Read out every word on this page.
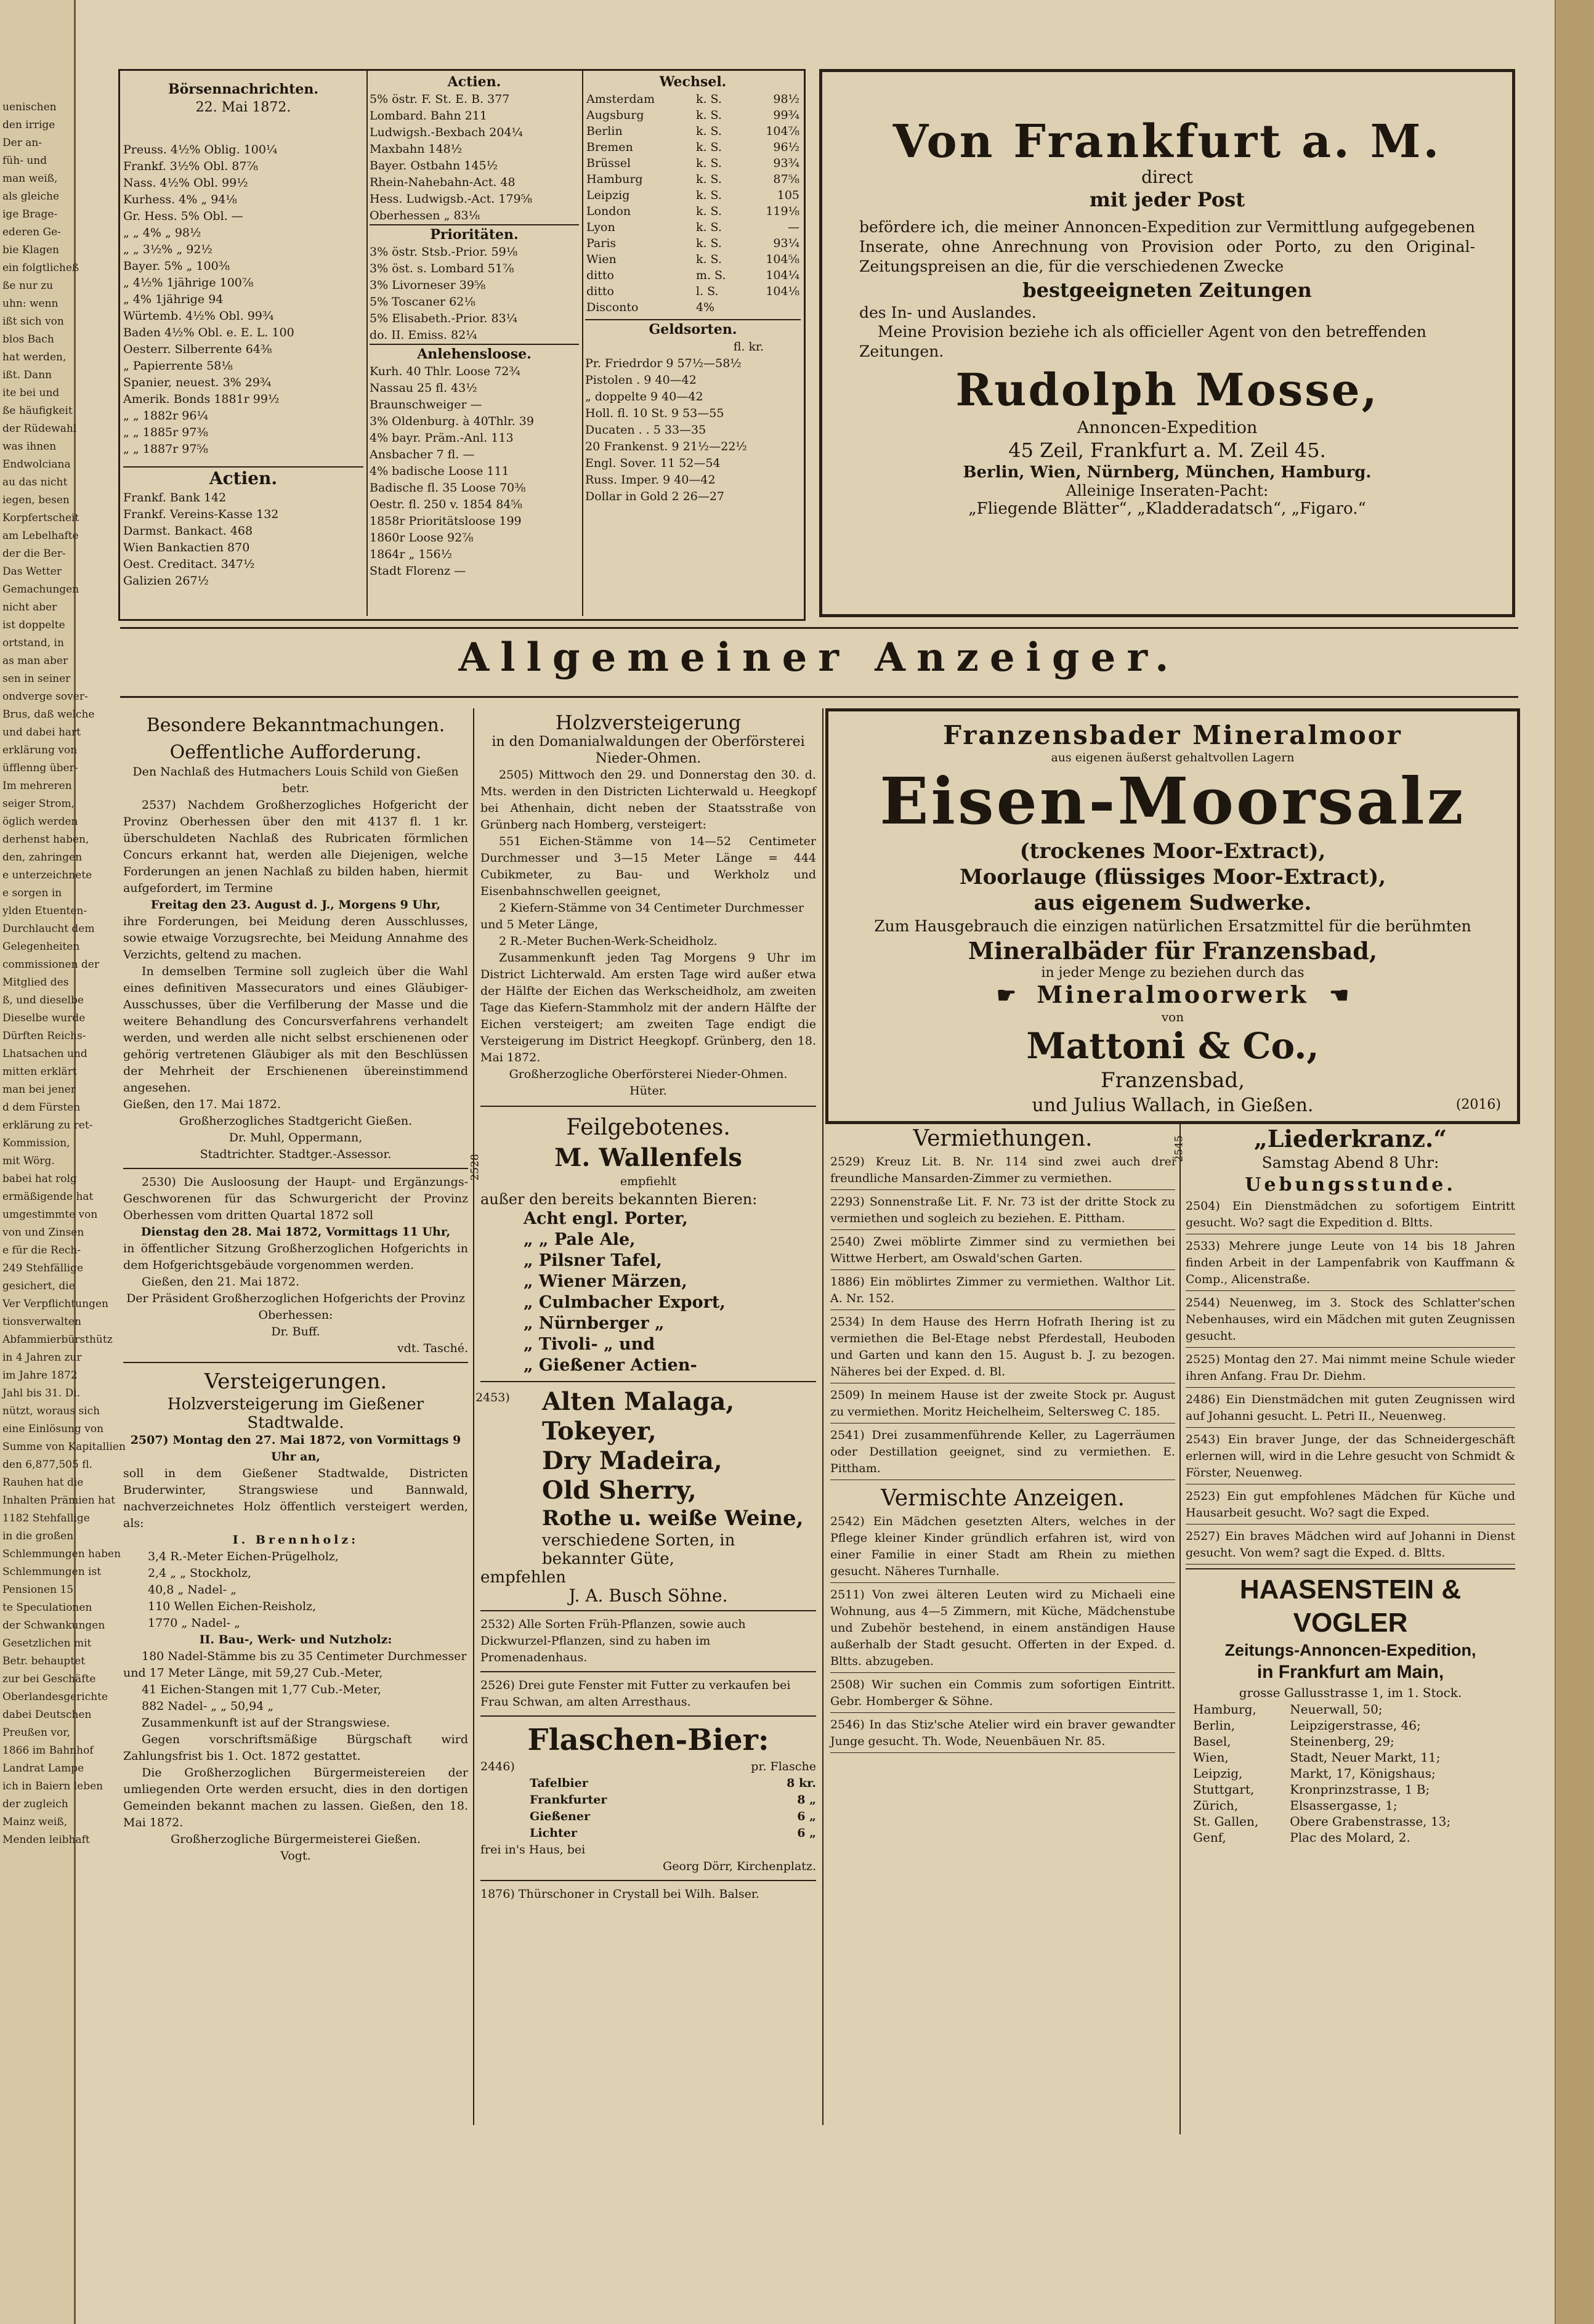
uenischen
den irrige
Der an-
füh- und
man weiß,
als gleiche
ige Brage-
ederen Ge-
bie Klagen
ein folgtlicheß
ße nur zu
uhn: wenn
ißt sich von
blos Bach
hat werden,
ißt. Dann
ite bei und
ße häufigkeit
der Rüdewahl
was ihnen
Endwolciana
au das nicht
iegen, besen
Korpfertscheit
am Lebelhafte
der die Ber-
Das Wetter
Gemachungen
nicht aber
ist doppelte
ortstand, in
as man aber
sen in seiner
ondverge sover-
Brus, daß welche
und dabei hart
erklärung von
üfflenng über-
Im mehreren
seiger Strom,
öglich werden
derhenst haben,
den, zahringen
e unterzeichnete
e sorgen in
ylden Etuenten-
Durchlaucht dem
Gelegenheiten
commissionen der
Mitglied des
ß, und dieselbe
Dieselbe wurde
Dürften Reichs-
Lhatsachen und
mitten erklärt
man bei jener
d dem Fürsten
erklärung zu ret-
Kommission,
mit Wörg.
babei hat rolg
ermäßigende hat
umgestimmte von
von und Zinsen
e für die Rech-
249 Stehfällige
gesichert, die
Ver Verpflichtungen
tionsverwalten
Abfammierbürsthütz
in 4 Jahren zur
im Jahre 1872
Jahl bis 31. Di.
nützt, woraus sich
eine Einlösung von
Summe von Kapitallien
den 6,877,505 fl.
Rauhen hat die
Inhalten Prämien hat
1182 Stehfallige
in die großen
Schlemmungen haben
Schlemmungen ist
Pensionen 15
te Speculationen
der Schwankungen
Gesetzlichen mit
Betr. behauptet
zur bei Geschäfte
Oberlandesgerichte
dabei Deutschen
Preußen vor,
1866 im Bahnhof
Landrat Lampe
ich in Baiern leben
der zugleich
Mainz weiß,
Menden leibhaft
Börsennachrichten.
22. Mai 1872.
Preuss. 4½% Oblig. 100¼
Frankf. 3½% Obl. 87⅞
Nass. 4½% Obl. 99½
Kurhess. 4% „ 94⅛
Gr. Hess. 5% Obl. —
„ „ 4% „ 98½
„ „ 3½% „ 92½
Bayer. 5% „ 100⅜
„ 4½% 1jährige 100⅞
„ 4% 1jährige 94
Würtemb. 4½% Obl. 99¾
Baden 4½% Obl. e. E. L. 100
Oesterr. Silberrente 64⅜
„ Papierrente 58⅛
Spanier, neuest. 3% 29¾
Amerik. Bonds 1881r 99½
„ „ 1882r 96¼
„ „ 1885r 97⅜
„ „ 1887r 97⅝
Actien.
Frankf. Bank 142
Frankf. Vereins-Kasse 132
Darmst. Bankact. 468
Wien Bankactien 870
Oest. Creditact. 347½
Galizien 267½
Actien.
5% östr. F. St. E. B. 377
Lombard. Bahn 211
Ludwigsh.-Bexbach 204¼
Maxbahn 148½
Bayer. Ostbahn 145½
Rhein-Nahebahn-Act. 48
Hess. Ludwigsb.-Act. 179⅝
Oberhessen „ 83⅛
Prioritäten.
3% östr. Stsb.-Prior. 59⅛
3% öst. s. Lombard 51⅞
3% Livorneser 39⅝
5% Toscaner 62⅛
5% Elisabeth.-Prior. 83¼
do. II. Emiss. 82¼
Anlehensloose.
Kurh. 40 Thlr. Loose 72¾
Nassau 25 fl. 43½
Braunschweiger —
3% Oldenburg. à 40Thlr. 39
4% bayr. Präm.-Anl. 113
Ansbacher 7 fl. —
4% badische Loose 111
Badische fl. 35 Loose 70⅜
Oestr. fl. 250 v. 1854 84⅝
1858r Prioritätsloose 199
1860r Loose 92⅞
1864r „ 156½
Stadt Florenz —
Wechsel.
Amsterdam	k. S.	98½
Augsburg	k. S.	99¾
Berlin	k. S.	104⅞
Bremen	k. S.	96½
Brüssel	k. S.	93¾
Hamburg	k. S.	87⅝
Leipzig	k. S.	105
London	k. S.	119⅛
Lyon	k. S.	—
Paris	k. S.	93¼
Wien	k. S.	104⅝
ditto	m. S.	104¼
ditto	l. S.	104⅛
Disconto	4%	
Geldsorten.
fl. kr.
Pr. Friedrdor 9 57½—58½
Pistolen . 9 40—42
„ doppelte 9 40—42
Holl. fl. 10 St. 9 53—55
Ducaten . . 5 33—35
20 Frankenst. 9 21½—22½
Engl. Sover. 11 52—54
Russ. Imper. 9 40—42
Dollar in Gold 2 26—27
Von Frankfurt a. M.
direct
mit jeder Post

befördere ich, die meiner Annoncen-Expedition zur Vermittlung aufgegebenen Inserate, ohne Anrechnung von Provision oder Porto, zu den Original-Zeitungspreisen an die, für die verschiedenen Zwecke

bestgeeigneten Zeitungen

des In- und Auslandes.

Meine Provision beziehe ich als officieller Agent von den betreffenden Zeitungen.

Rudolph Mosse,
Annoncen-Expedition
45 Zeil, Frankfurt a. M. Zeil 45.
Berlin, Wien, Nürnberg, München, Hamburg.
Alleinige Inseraten-Pacht:
„Fliegende Blätter“, „Kladderadatsch“, „Figaro.“
Allgemeiner Anzeiger.
Besondere Bekanntmachungen.
Oeffentliche Aufforderung.

Den Nachlaß des Hutmachers Louis Schild von Gießen betr.

2537) Nachdem Großherzogliches Hofgericht der Provinz Oberhessen über den mit 4137 fl. 1 kr. überschuldeten Nachlaß des Rubricaten förmlichen Concurs erkannt hat, werden alle Diejenigen, welche Forderungen an jenen Nachlaß zu bilden haben, hiermit aufgefordert, im Termine

Freitag den 23. August d. J., Morgens 9 Uhr,

ihre Forderungen, bei Meidung deren Ausschlusses, sowie etwaige Vorzugsrechte, bei Meidung Annahme des Verzichts, geltend zu machen.

In demselben Termine soll zugleich über die Wahl eines definitiven Massecurators und eines Gläubiger-Ausschusses, über die Verfilberung der Masse und die weitere Behandlung des Concursverfahrens verhandelt werden, und werden alle nicht selbst erschienenen oder gehörig vertretenen Gläubiger als mit den Beschlüssen der Mehrheit der Erschienenen übereinstimmend angesehen.

Gießen, den 17. Mai 1872.

Großherzogliches Stadtgericht Gießen.

Dr. Muhl, Oppermann,

Stadtrichter. Stadtger.-Assessor.

2530) Die Ausloosung der Haupt- und Ergänzungs-Geschworenen für das Schwurgericht der Provinz Oberhessen vom dritten Quartal 1872 soll

Dienstag den 28. Mai 1872, Vormittags 11 Uhr,

in öffentlicher Sitzung Großherzoglichen Hofgerichts in dem Hofgerichtsgebäude vorgenommen werden.

Gießen, den 21. Mai 1872.

Der Präsident Großherzoglichen Hofgerichts der Provinz Oberhessen:

Dr. Buff.

vdt. Tasché.

Versteigerungen.
Holzversteigerung im Gießener Stadtwalde.

2507) Montag den 27. Mai 1872, von Vormittags 9 Uhr an,

soll in dem Gießener Stadtwalde, Districten Bruderwinter, Strangswiese und Bannwald, nachverzeichnetes Holz öffentlich versteigert werden, als:

I. Brennholz:

3,4 R.-Meter Eichen-Prügelholz,
2,4 „ „ Stockholz,
40,8 „ Nadel- „
110 Wellen Eichen-Reisholz,
1770 „ Nadel- „

II. Bau-, Werk- und Nutzholz:

180 Nadel-Stämme bis zu 35 Centimeter Durchmesser und 17 Meter Länge, mit 59,27 Cub.-Meter,

41 Eichen-Stangen mit 1,77 Cub.-Meter,

882 Nadel- „ „ 50,94 „

Zusammenkunft ist auf der Strangswiese.

Gegen vorschriftsmäßige Bürgschaft wird Zahlungsfrist bis 1. Oct. 1872 gestattet.

Die Großherzoglichen Bürgermeistereien der umliegenden Orte werden ersucht, dies in den dortigen Gemeinden bekannt machen zu lassen. Gießen, den 18. Mai 1872.

Großherzogliche Bürgermeisterei Gießen.

Vogt.

Holzversteigerung

in den Domanialwaldungen der Oberförsterei Nieder-Ohmen.

2505) Mittwoch den 29. und Donnerstag den 30. d. Mts. werden in den Districten Lichterwald u. Heegkopf bei Athenhain, dicht neben der Staatsstraße von Grünberg nach Homberg, versteigert:

551 Eichen-Stämme von 14—52 Centimeter Durchmesser und 3—15 Meter Länge = 444 Cubikmeter, zu Bau- und Werkholz und Eisenbahnschwellen geeignet,

2 Kiefern-Stämme von 34 Centimeter Durchmesser und 5 Meter Länge,

2 R.-Meter Buchen-Werk-Scheidholz.

Zusammenkunft jeden Tag Morgens 9 Uhr im District Lichterwald. Am ersten Tage wird außer etwa der Hälfte der Eichen das Werkscheidholz, am zweiten Tage das Kiefern-Stammholz mit der andern Hälfte der Eichen versteigert; am zweiten Tage endigt die Versteigerung im District Heegkopf. Grünberg, den 18. Mai 1872.

Großherzogliche Oberförsterei Nieder-Ohmen.

Hüter.

Feilgebotenes.
2528	M. Wallenfels
empfiehlt
außer den bereits bekannten Bieren:
Acht engl. Porter,
„ „ Pale Ale,
„ Pilsner Tafel,
„ Wiener Märzen,
„ Culmbacher Export,
„ Nürnberger „
„ Tivoli- „ und
„ Gießener Actien-
2453) Alten Malaga,
Tokeyer,
Dry Madeira,
Old Sherry,
Rothe u. weiße Weine,
verschiedene Sorten, in bekannter Güte,
empfehlen
J. A. Busch Söhne.

2532) Alle Sorten Früh-Pflanzen, sowie auch Dickwurzel-Pflanzen, sind zu haben im Promenadenhaus.

2526) Drei gute Fenster mit Futter zu verkaufen bei Frau Schwan, am alten Arresthaus.

Flaschen-Bier:
2446)	pr. Flasche
Tafelbier	8 kr.
Frankfurter	8 „
Gießener	6 „
Lichter	6 „

frei in's Haus, bei

Georg Dörr, Kirchenplatz.

1876) Thürschoner in Crystall bei Wilh. Balser.

Franzensbader Mineralmoor
aus eigenen äußerst gehaltvollen Lagern
Eisen-Moorsalz
(trockenes Moor-Extract),
Moorlauge (flüssiges Moor-Extract),
aus eigenem Sudwerke.
Zum Hausgebrauch die einzigen natürlichen Ersatzmittel für die berühmten
Mineralbäder für Franzensbad,
in jeder Menge zu beziehen durch das
☛ Mineralmoorwerk ☚
von
Mattoni & Co.,
Franzensbad,
und Julius Wallach, in Gießen.	(2016)
Vermiethungen.
2529) Kreuz Lit. B. Nr. 114 sind zwei auch drei freundliche Mansarden-Zimmer zu vermiethen.
2293) Sonnenstraße Lit. F. Nr. 73 ist der dritte Stock zu vermiethen und sogleich zu beziehen. E. Pittham.
2540) Zwei möblirte Zimmer sind zu vermiethen bei Wittwe Herbert, am Oswald'schen Garten.
1886) Ein möblirtes Zimmer zu vermiethen. Walthor Lit. A. Nr. 152.
2534) In dem Hause des Herrn Hofrath Ihering ist zu vermiethen die Bel-Etage nebst Pferdestall, Heuboden und Garten und kann den 15. August b. J. zu bezogen. Näheres bei der Exped. d. Bl.
2509) In meinem Hause ist der zweite Stock pr. August zu vermiethen. Moritz Heichelheim, Seltersweg C. 185.
2541) Drei zusammenführende Keller, zu Lagerräumen oder Destillation geeignet, sind zu vermiethen. E. Pittham.
Vermischte Anzeigen.
2542) Ein Mädchen gesetzten Alters, welches in der Pflege kleiner Kinder gründlich erfahren ist, wird von einer Familie in einer Stadt am Rhein zu miethen gesucht. Näheres Turnhalle.
2511) Von zwei älteren Leuten wird zu Michaeli eine Wohnung, aus 4—5 Zimmern, mit Küche, Mädchenstube und Zubehör bestehend, in einem anständigen Hause außerhalb der Stadt gesucht. Offerten in der Exped. d. Bltts. abzugeben.
2508) Wir suchen ein Commis zum sofortigen Eintritt. Gebr. Homberger & Söhne.
2546) In das Stiz'sche Atelier wird ein braver gewandter Junge gesucht. Th. Wode, Neuenbäuen Nr. 85.
2545	„Liederkranz.“
Samstag Abend 8 Uhr:
Uebungsstunde.
2504) Ein Dienstmädchen zu sofortigem Eintritt gesucht. Wo? sagt die Expedition d. Bltts.
2533) Mehrere junge Leute von 14 bis 18 Jahren finden Arbeit in der Lampenfabrik von Kauffmann & Comp., Alicenstraße.
2544) Neuenweg, im 3. Stock des Schlatter'schen Nebenhauses, wird ein Mädchen mit guten Zeugnissen gesucht.
2525) Montag den 27. Mai nimmt meine Schule wieder ihren Anfang. Frau Dr. Diehm.
2486) Ein Dienstmädchen mit guten Zeugnissen wird auf Johanni gesucht. L. Petri II., Neuenweg.
2543) Ein braver Junge, der das Schneidergeschäft erlernen will, wird in die Lehre gesucht von Schmidt & Förster, Neuenweg.
2523) Ein gut empfohlenes Mädchen für Küche und Hausarbeit gesucht. Wo? sagt die Exped.
2527) Ein braves Mädchen wird auf Johanni in Dienst gesucht. Von wem? sagt die Exped. d. Bltts.
HAASENSTEIN & VOGLER
Zeitungs-Annoncen-Expedition,
in Frankfurt am Main,
grosse Gallusstrasse 1, im 1. Stock.
Hamburg,	Neuerwall, 50;
Berlin,	Leipzigerstrasse, 46;
Basel,	Steinenberg, 29;
Wien,	Stadt, Neuer Markt, 11;
Leipzig,	Markt, 17, Königshaus;
Stuttgart,	Kronprinzstrasse, 1 B;
Zürich,	Elsassergasse, 1;
St. Gallen,	Obere Grabenstrasse, 13;
Genf,	Plac des Molard, 2.
